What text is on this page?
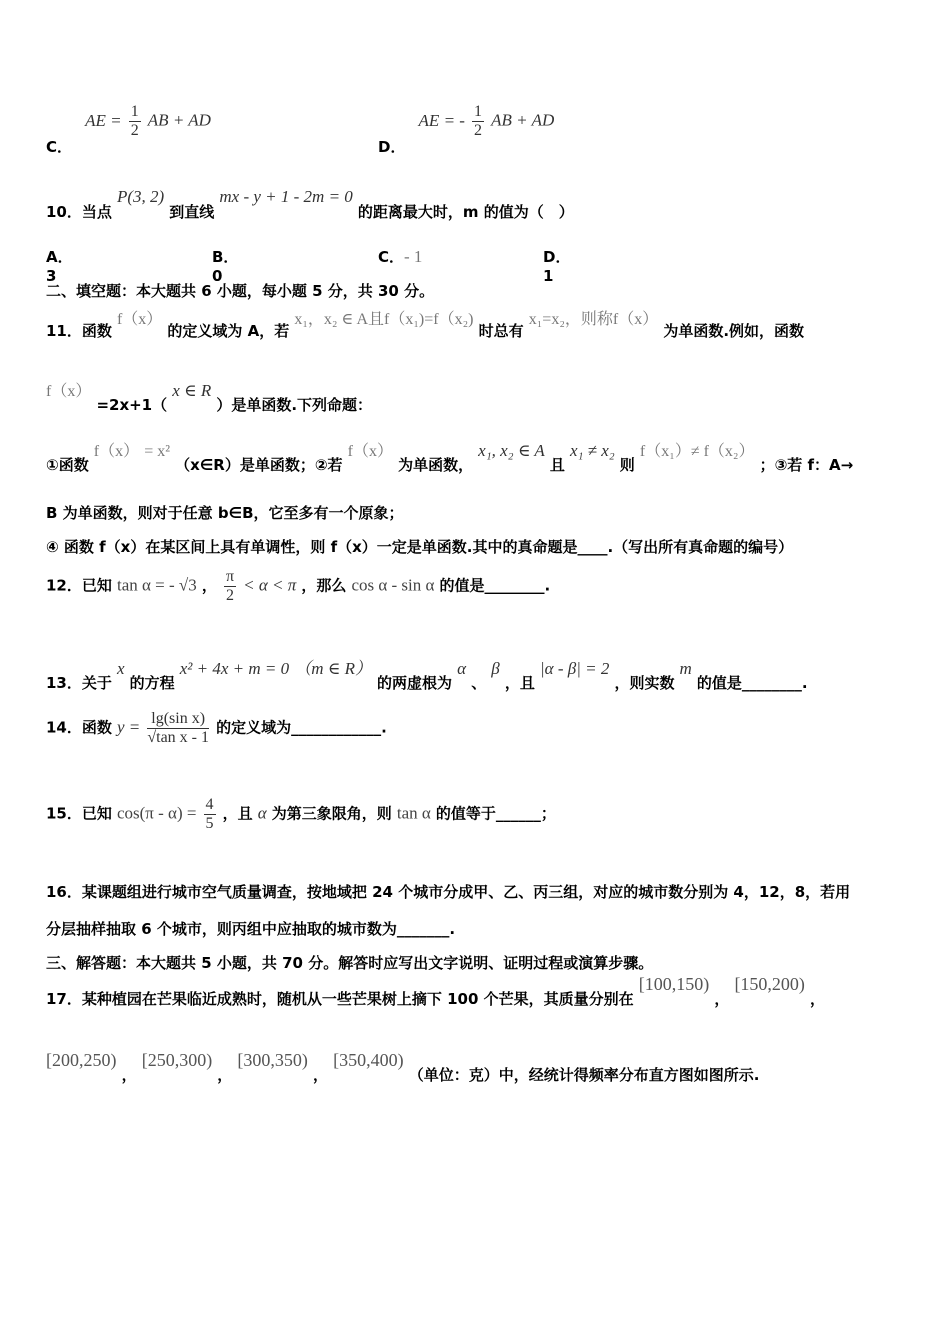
C． AE = $\frac{1}{2}$ AB + AD
D． AE = - $\frac{1}{2}$ AB + AD
10．当点 P(3, 2) 到直线 mx - y + 1 - 2m = 0 的距离最大时，m 的值为（　）
A．3
B．0
C．- 1	D．1
二、填空题：本大题共 6 小题，每小题 5 分，共 30 分。
11．函数 f（x） 的定义域为 A，若 x₁，x₂ ∈ A且f（x₁)=f（x₂) 时总有 x₁=x₂，则称f（x） 为单函数.例如，函数
f（x） =2x+1（ x ∈ R ）是单函数.下列命题：
①函数 f（x） = x² （x∈R）是单函数；②若 f（x） 为单函数， x₁, x₂ ∈ A 且 x₁ ≠ x₂ 则 f（x₁）≠ f（x₂） ；③若 f：A→
B 为单函数，则对于任意 b∈B，它至多有一个原象；
④ 函数 f（x）在某区间上具有单调性，则 f（x）一定是单函数.其中的真命题是____.（写出所有真命题的编号）
12．已知 tan α = - √3 ， $\frac{\pi}{2} < \alpha < \pi$ ，那么 cos α - sin α 的值是________.
13．关于 x 的方程 x² + 4x + m = 0 （m ∈ R） 的两虚根为 α 、 β ，且 |α - β| = 2 ，则实数 m 的值是________.
14．函数 $y = \frac{\text{lg(sin x)}}{\text{√tan x - 1}}$ 的定义域为____________.
15．已知 $\cos(\pi - \alpha) = \frac{4}{5}$ ，且 α 为第三象限角，则 tan α 的值等于______；
16．某课题组进行城市空气质量调查，按地域把 24 个城市分成甲、乙、丙三组，对应的城市数分别为 4，12，8，若用
分层抽样抽取 6 个城市，则丙组中应抽取的城市数为_______.
三、解答题：本大题共 5 小题，共 70 分。解答时应写出文字说明、证明过程或演算步骤。
17．某种植园在芒果临近成熟时，随机从一些芒果树上摘下 100 个芒果，其质量分别在 [100,150) ， [150,200) ，
[200,250) ， [250,300) ， [300,350) ， [350,400) （单位：克）中，经统计得频率分布直方图如图所示.
